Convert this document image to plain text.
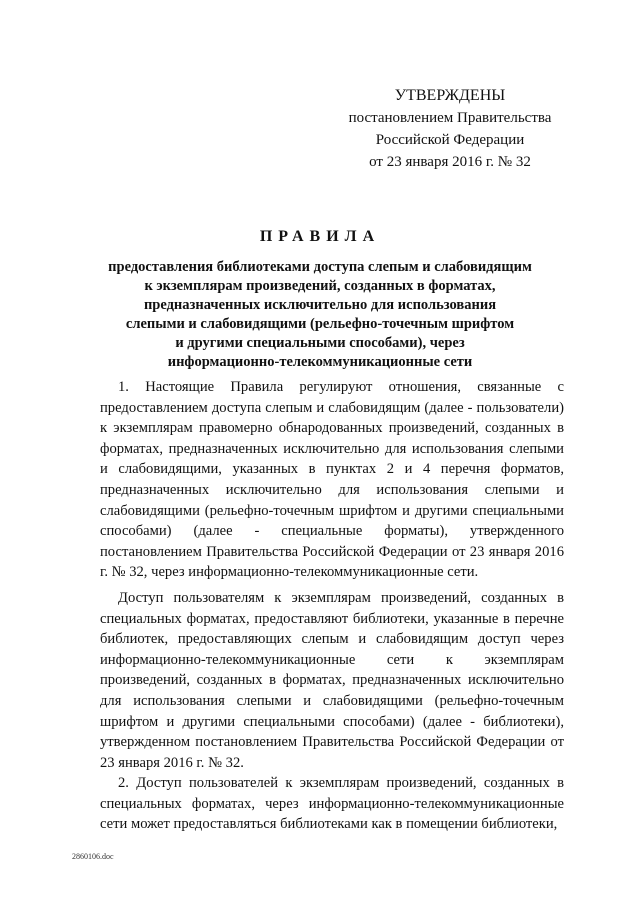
УТВЕРЖДЕНЫ
постановлением Правительства
Российской Федерации
от 23 января 2016 г. № 32
ПРАВИЛА
предоставления библиотеками доступа слепым и слабовидящим
к экземплярам произведений, созданных в форматах,
предназначенных исключительно для использования
слепыми и слабовидящими (рельефно-точечным шрифтом
и другими специальными способами), через
информационно-телекоммуникационные сети

1. Настоящие Правила регулируют отношения, связанные с предоставлением доступа слепым и слабовидящим (далее - пользователи) к экземплярам правомерно обнародованных произведений, созданных в форматах, предназначенных исключительно для использования слепыми и слабовидящими, указанных в пунктах 2 и 4 перечня форматов, предназначенных исключительно для использования слепыми и слабовидящими (рельефно-точечным шрифтом и другими специальными способами) (далее - специальные форматы), утвержденного постановлением Правительства Российской Федерации от 23 января 2016 г. № 32, через информационно-телекоммуникационные сети.

Доступ пользователям к экземплярам произведений, созданных в специальных форматах, предоставляют библиотеки, указанные в перечне библиотек, предоставляющих слепым и слабовидящим доступ через информационно-телекоммуникационные сети к экземплярам произведений, созданных в форматах, предназначенных исключительно для использования слепыми и слабовидящими (рельефно-точечным шрифтом и другими специальными способами) (далее - библиотеки), утвержденном постановлением Правительства Российской Федерации от 23 января 2016 г. № 32.

2. Доступ пользователей к экземплярам произведений, созданных в специальных форматах, через информационно-телекоммуникационные сети может предоставляться библиотеками как в помещении библиотеки,

2860106.doc
